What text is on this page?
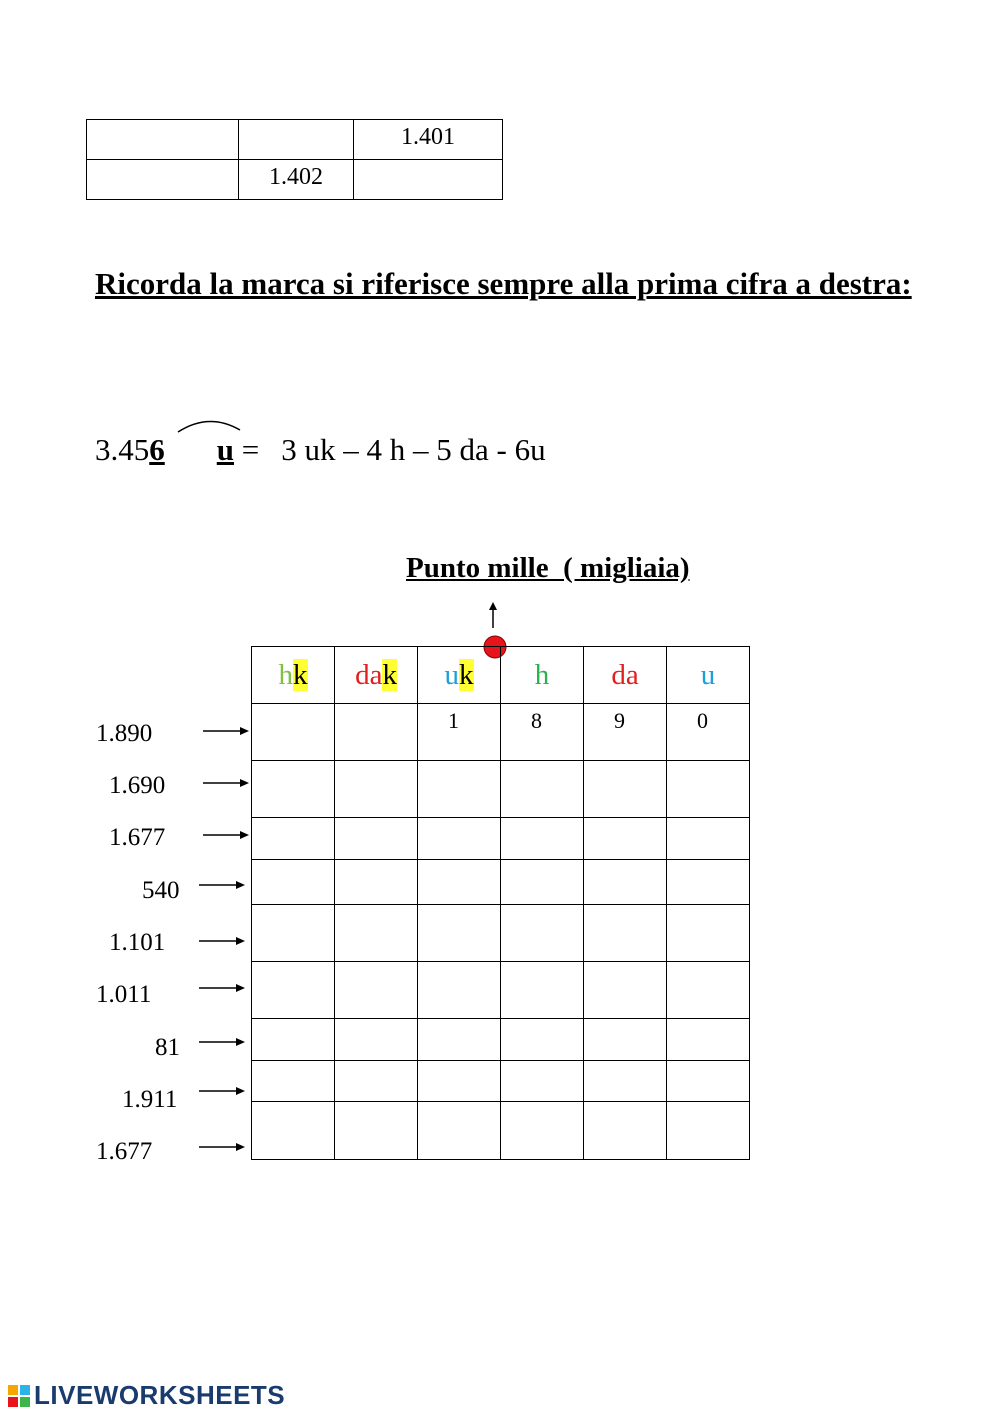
		1.401
	1.402	
Ricorda la marca si riferisce sempre alla prima cifra a destra:
3.456 u = 3 uk – 4 h – 5 da - 6u
Punto mille  ( migliaia)
hk	dak	uk	h	da	u
		1	8	9	0

1.890
1.690
1.677
540
1.101
1.011
81
1.911
1.677
LIVEWORKSHEETS
